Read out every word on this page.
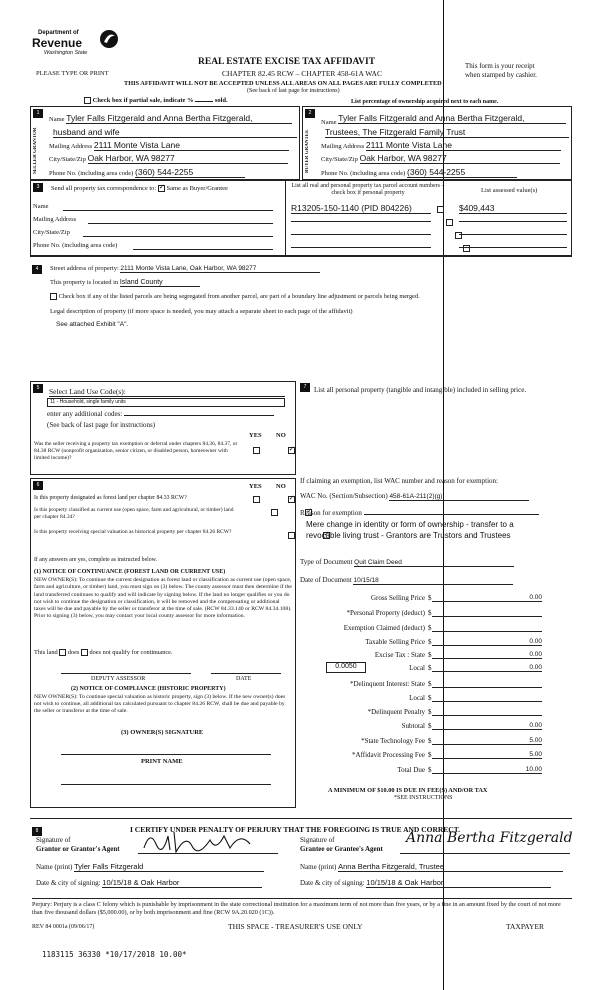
Department of
Revenue
Washington State
PLEASE TYPE OR PRINT
REAL ESTATE EXCISE TAX AFFIDAVIT
CHAPTER 82.45 RCW – CHAPTER 458-61A WAC
THIS AFFIDAVIT WILL NOT BE ACCEPTED UNLESS ALL AREAS ON ALL PAGES ARE FULLY COMPLETED
(See back of last page for instructions)
This form is your receipt
when stamped by cashier.
Check box if partial sale, indicate %	sold.	List percentage of ownership acquired next to each name.
1
SELLER GRANTOR
Name Tyler Falls Fitzgerald and Anna Bertha Fitzgerald,
husband and wife
Mailing Address 2111 Monte Vista Lane
City/State/Zip Oak Harbor, WA 98277
Phone No. (including area code) (360) 544-2255
2
BUYER GRANTEE
Name Tyler Falls Fitzgerald and Anna Bertha Fitzgerald,
Trustees, The Fitzgerald Family Trust
Mailing Address 2111 Monte Vista Lane
City/State/Zip Oak Harbor, WA 98277
Phone No. (including area code) (360) 544-2255
3	Send all property tax correspondence to: ✓ Same as Buyer/Grantee
Name
Mailing Address
City/State/Zip
Phone No. (including area code)
List all real and personal property tax parcel account numbers – check box if personal property	List assessed value(s)
R13205-150-1140 (PID 804226)
	$409,443

4	Street address of property: 2111 Monte Vista Lane, Oak Harbor, WA 98277
This property is located in Island County
Check box if any of the listed parcels are being segregated from another parcel, are part of a boundary line adjustment or parcels being merged.
Legal description of property (if more space is needed, you may attach a separate sheet to each page of the affidavit)
See attached Exhibit "A".
5	Select Land Use Code(s):
11 - Household, single family units
enter any additional codes:
(See back of last page for instructions)
YES NO
Was the seller receiving a property tax exemption or deferral under chapters 84.36, 84.37, or 84.38 RCW (nonprofit organization, senior citizen, or disabled person, homeowner with limited income)?
✓
7	List all personal property (tangible and intangible) included in selling price.
6	YES NO
Is this property designated as forest land per chapter 84.33 RCW?
✓
Is this property classified as current use (open space, farm and agricultural, or timber) land per chapter 84.34?
✓
Is this property receiving special valuation as historical property per chapter 84.26 RCW?
✓
If any answers are yes, complete as instructed below.
(1) NOTICE OF CONTINUANCE (FOREST LAND OR CURRENT USE)
NEW OWNER(S): To continue the current designation as forest land or classification as current use (open space, farm and agriculture, or timber) land, you must sign on (3) below. The county assessor must then determine if the land transferred continues to qualify and will indicate by signing below. If the land no longer qualifies or you do not wish to continue the designation or classification, it will be removed and the compensating or additional taxes will be due and payable by the seller or transferor at the time of sale. (RCW 84.33.140 or RCW 84.34.108). Prior to signing (3) below, you may contact your local county assessor for more information.
This land does does not qualify for continuance.
DEPUTY ASSESSOR	DATE
(2) NOTICE OF COMPLIANCE (HISTORIC PROPERTY)
NEW OWNER(S): To continue special valuation as historic property, sign (3) below. If the new owner(s) does not wish to continue, all additional tax calculated pursuant to chapter 84.26 RCW, shall be due and payable by the seller or transferor at the time of sale.
(3) OWNER(S) SIGNATURE
PRINT NAME
If claiming an exemption, list WAC number and reason for exemption:
WAC No. (Section/Subsection) 458-61A-211(2)(g)
Reason for exemption
Mere change in identity or form of ownership - transfer to a
revocable living trust - Grantors are Trustors and Trustees
Type of Document Quit Claim Deed
Date of Document 10/15/18
Gross Selling Price $	0.00
*Personal Property (deduct) $

Exemption Claimed (deduct) $

Taxable Selling Price $	0.00
Excise Tax : State $	0.00
0.0050	Local $	0.00
*Delinquent Interest: State $

Local $

*Delinquent Penalty $

Subtotal $	0.00
*State Technology Fee $	5.00
*Affidavit Processing Fee $	5.00
Total Due $	10.00
A MINIMUM OF $10.00 IS DUE IN FEE(S) AND/OR TAX
*SEE INSTRUCTIONS
8	I CERTIFY UNDER PENALTY OF PERJURY THAT THE FOREGOING IS TRUE AND CORRECT.
Signature of
Grantor or Grantor's Agent
Signature of
Grantee or Grantee's Agent
Anna Bertha Fitzgerald
Name (print) Tyler Falls Fitzgerald	Name (print) Anna Bertha Fitzgerald, Trustee
Date & city of signing: 10/15/18 & Oak Harbor	Date & city of signing: 10/15/18 & Oak Harbor
Perjury: Perjury is a class C felony which is punishable by imprisonment in the state correctional institution for a maximum term of not more than five years, or by a fine in an amount fixed by the court of not more than five thousand dollars ($5,000.00), or by both imprisonment and fine (RCW 9A.20.020 (1C)).
REV 84 0001a (09/06/17)	THIS SPACE - TREASURER'S USE ONLY	TAXPAYER
1183115 36330 *10/17/2018 10.00*
